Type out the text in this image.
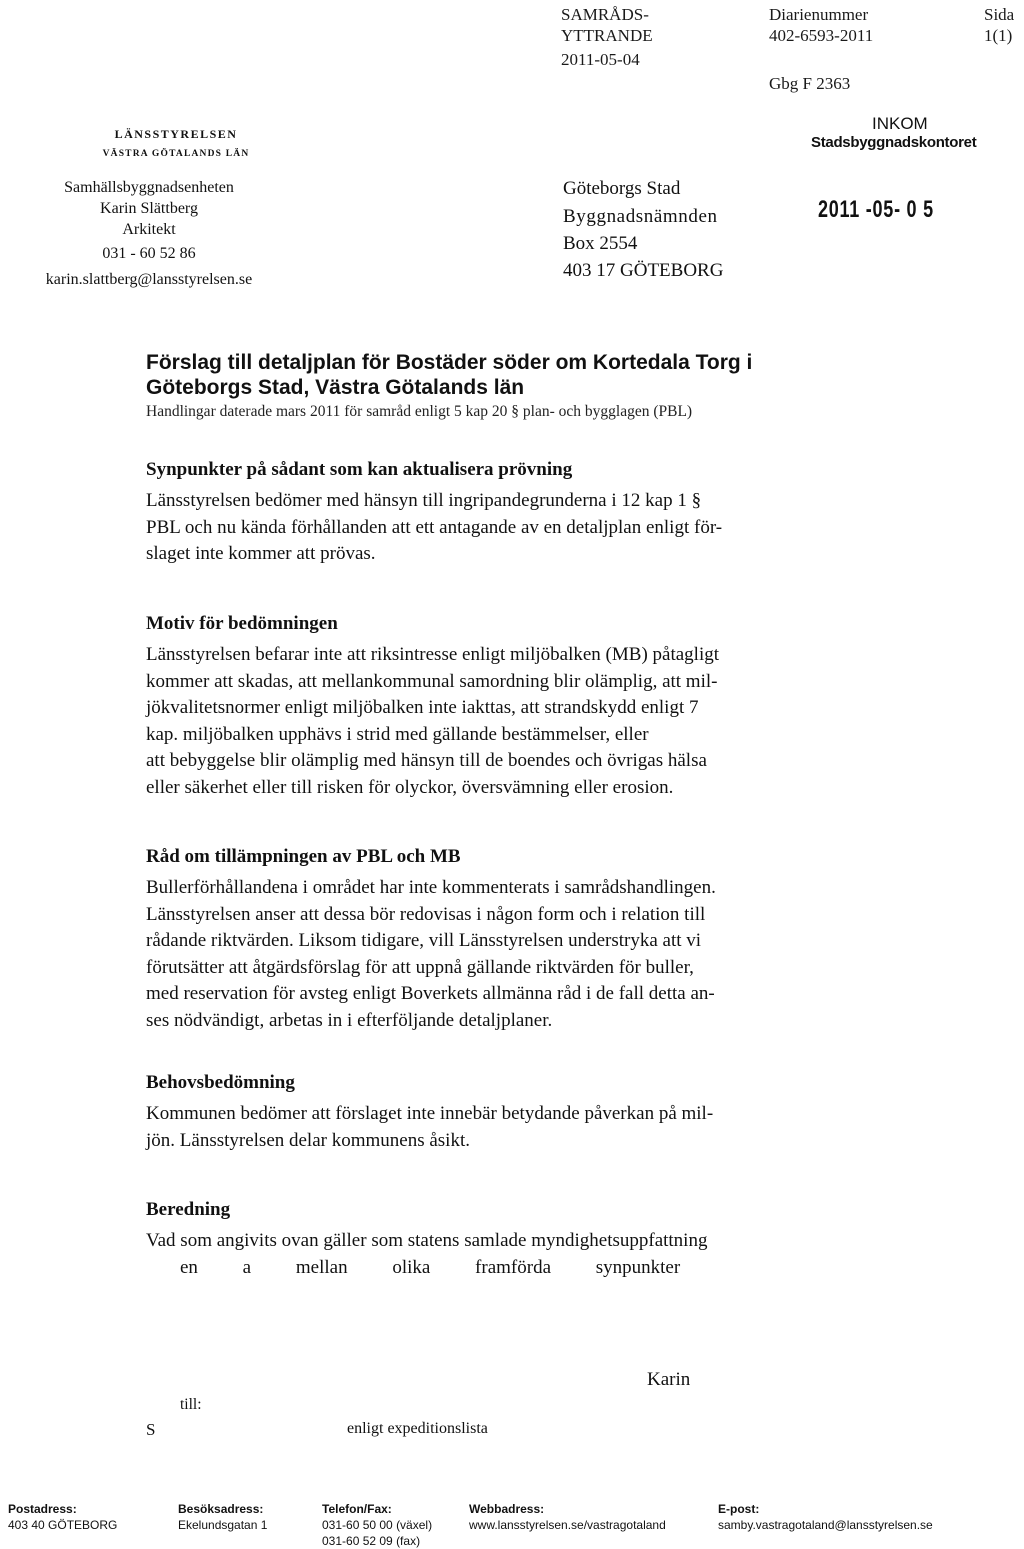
SAMRÅDS-
YTTRANDE
2011-05-04
Diarienummer
402-6593-2011
Gbg F 2363
Sida
1(1)
LÄNSSTYRELSEN
VÄSTRA GÖTALANDS LÄN
Samhällsbyggnadsenheten
Karin Slättberg
Arkitekt
031 - 60 52 86
karin.slattberg@lansstyrelsen.se
Göteborgs Stad
Byggnadsnämnden
Box 2554
403 17 GÖTEBORG
INKOM
Stadsbyggnadskontoret
2011 -05- 0 5

Förslag till detaljplan för Bostäder söder om Kortedala Torg i

Göteborgs Stad, Västra Götalands län

Handlingar daterade mars 2011 för samråd enligt 5 kap 20 § plan- och bygglagen (PBL)

Synpunkter på sådant som kan aktualisera prövning

Länsstyrelsen bedömer med hänsyn till ingripandegrunderna i 12 kap 1 §

PBL och nu kända förhållanden att ett antagande av en detaljplan enligt för-

slaget inte kommer att prövas.

Motiv för bedömningen

Länsstyrelsen befarar inte att riksintresse enligt miljöbalken (MB) påtagligt

kommer att skadas, att mellankommunal samordning blir olämplig, att mil-

jökvalitetsnormer enligt miljöbalken inte iakttas, att strandskydd enligt 7

kap. miljöbalken upphävs i strid med gällande bestämmelser, eller

att bebyggelse blir olämplig med hänsyn till de boendes och övrigas hälsa

eller säkerhet eller till risken för olyckor, översvämning eller erosion.

Råd om tillämpningen av PBL och MB

Bullerförhållandena i området har inte kommenterats i samrådshandlingen.

Länsstyrelsen anser att dessa bör redovisas i någon form och i relation till

rådande riktvärden. Liksom tidigare, vill Länsstyrelsen understryka att vi

förutsätter att åtgärdsförslag för att uppnå gällande riktvärden för buller,

med reservation för avsteg enligt Boverkets allmänna råd i de fall detta an-

ses nödvändigt, arbetas in i efterföljande detaljplaner.

Behovsbedömning

Kommunen bedömer att förslaget inte innebär betydande påverkan på mil-

jön. Länsstyrelsen delar kommunens åsikt.

Beredning

Vad som angivits ovan gäller som statens samlade myndighetsuppfattning

en a mellan olika framförda synpunkter

Karin
till:
S	enligt expeditionslista
Postadress:
403 40 GÖTEBORG
Besöksadress:
Ekelundsgatan 1
Telefon/Fax:
031-60 50 00 (växel)
031-60 52 09 (fax)
Webbadress:
www.lansstyrelsen.se/vastragotaland
E-post:
samby.vastragotaland@lansstyrelsen.se
